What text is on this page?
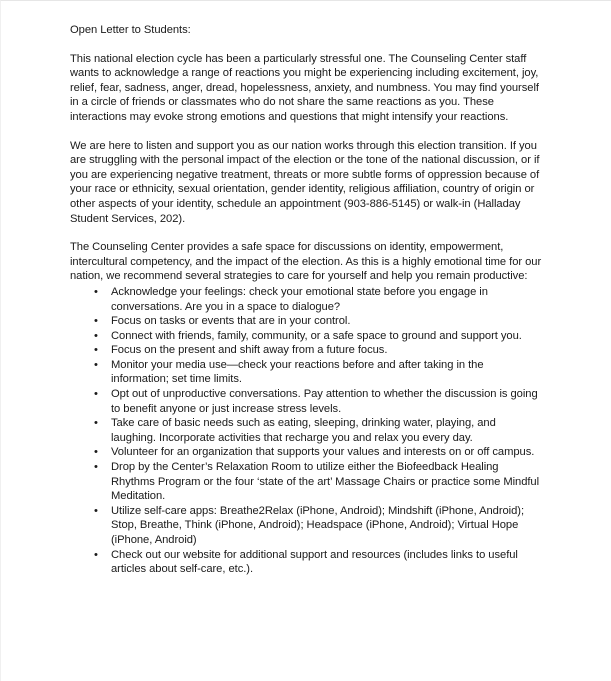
Open Letter to Students:

This national election cycle has been a particularly stressful one. The Counseling Center staff wants to acknowledge a range of reactions you might be experiencing including excitement, joy, relief, fear, sadness, anger, dread, hopelessness, anxiety, and numbness. You may find yourself in a circle of friends or classmates who do not share the same reactions as you. These interactions may evoke strong emotions and questions that might intensify your reactions.

We are here to listen and support you as our nation works through this election transition. If you are struggling with the personal impact of the election or the tone of the national discussion, or if you are experiencing negative treatment, threats or more subtle forms of oppression because of your race or ethnicity, sexual orientation, gender identity, religious affiliation, country of origin or other aspects of your identity, schedule an appointment (903-886-5145) or walk-in (Halladay Student Services, 202).

The Counseling Center provides a safe space for discussions on identity, empowerment, intercultural competency, and the impact of the election. As this is a highly emotional time for our nation, we recommend several strategies to care for yourself and help you remain productive:

• Acknowledge your feelings: check your emotional state before you engage in conversations. Are you in a space to dialogue?
• Focus on tasks or events that are in your control.
• Connect with friends, family, community, or a safe space to ground and support you.
• Focus on the present and shift away from a future focus.
• Monitor your media use—check your reactions before and after taking in the information; set time limits.
• Opt out of unproductive conversations. Pay attention to whether the discussion is going to benefit anyone or just increase stress levels.
• Take care of basic needs such as eating, sleeping, drinking water, playing, and laughing. Incorporate activities that recharge you and relax you every day.
• Volunteer for an organization that supports your values and interests on or off campus.
• Drop by the Center’s Relaxation Room to utilize either the Biofeedback Healing Rhythms Program or the four ‘state of the art’ Massage Chairs or practice some Mindful Meditation.
• Utilize self-care apps: Breathe2Relax (iPhone, Android); Mindshift (iPhone, Android); Stop, Breathe, Think (iPhone, Android); Headspace (iPhone, Android); Virtual Hope (iPhone, Android)
• Check out our website for additional support and resources (includes links to useful articles about self-care, etc.).
